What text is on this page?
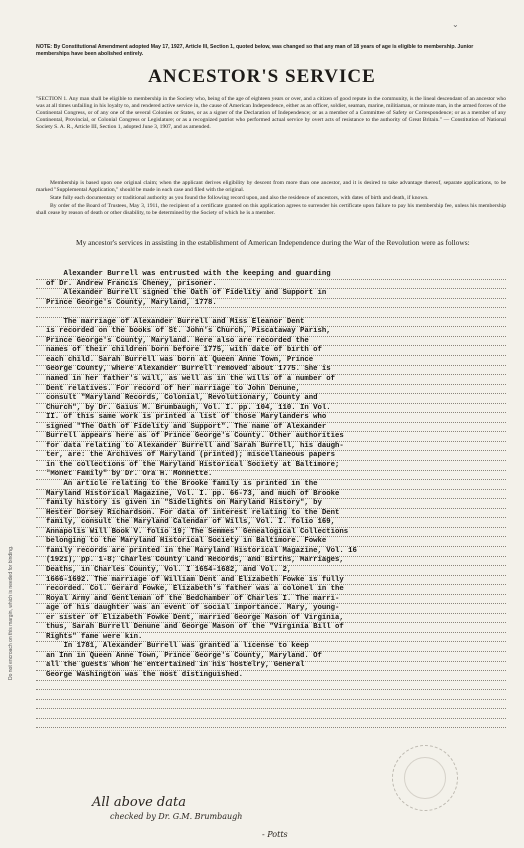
⌄
NOTE: By Constitutional Amendment adopted May 17, 1927, Article III, Section 1, quoted below, was changed so that any man of 18 years of age is eligible to membership. Junior memberships have been abolished entirely.
ANCESTOR'S SERVICE
"SECTION 1. Any man shall be eligible to membership in the Society who, being of the age of eighteen years or over, and a citizen of good repute in the community, is the lineal descendant of an ancestor who was at all times unfailing in his loyalty to, and rendered active service in, the cause of American Independence, either as an officer, soldier, seaman, marine, militiaman, or minute man, in the armed forces of the Continental Congress, or of any one of the several Colonies or States, or as a signer of the Declaration of Independence; or as a member of a Committee of Safety or Correspondence; or as a member of any Continental, Provincial, or Colonial Congress or Legislature; or as a recognized patriot who performed actual service by overt acts of resistance to the authority of Great Britain." — Constitution of National Society S. A. R., Article III, Section 1, adopted June 3, 1907, and as amended.

Membership is based upon one original claim; when the applicant derives eligibility by descent from more than one ancestor, and it is desired to take advantage thereof, separate applications, to be marked "Supplemental Application," should be made in each case and filed with the original.

State fully each documentary or traditional authority as you found the following record upon, and also the residence of ancestors, with dates of birth and death, if known.

By order of the Board of Trustees, May 3, 1911, the recipient of a certificate granted on this application agrees to surrender his certificate upon failure to pay his membership fee, unless his membership shall cease by reason of death or other disability, to be determined by the Society of which he is a member.

My ancestor's services in assisting in the establishment of American Independence during the War of the Revolution were as follows:
Alexander Burrell was entrusted with the keeping and guarding
of Dr. Andrew Francis Cheney, prisoner.
Alexander Burrell signed the Oath of Fidelity and Support in
Prince George's County, Maryland, 1778.

The marriage of Alexander Burrell and Miss Eleanor Dent
is recorded on the books of St. John's Church, Piscataway Parish,
Prince George's County, Maryland. Here also are recorded the
names of their children born before 1775, with date of birth of
each child. Sarah Burrell was born at Queen Anne Town, Prince
George County, where Alexander Burrell removed about 1775. She is
named in her father's will, as well as in the wills of a number of
Dent relatives. For record of her marriage to John Denune,
consult "Maryland Records, Colonial, Revolutionary, County and
Church", by Dr. Gaius M. Brumbaugh, Vol. I. pp. 104, 110. In Vol.
II. of this same work is printed a list of those Marylanders who
signed "The Oath of Fidelity and Support". The name of Alexander
Burrell appears here as of Prince George's County. Other authorities
for data relating to Alexander Burrell and Sarah Burrell, his daugh-
ter, are: the Archives of Maryland (printed); miscellaneous papers
in the collections of the Maryland Historical Society at Baltimore;
"Monet Family" by Dr. Ora H. Monnette.
An article relating to the Brooke family is printed in the
Maryland Historical Magazine, Vol. I. pp. 66-73, and much of Brooke
family history is given in "Sidelights on Maryland History", by
Hester Dorsey Richardson. For data of interest relating to the Dent
family, consult the Maryland Calendar of Wills, Vol. I. folio 169,
Annapolis Will Book V. folio 19; The Semmes' Genealogical Collections
belonging to the Maryland Historical Society in Baltimore. Fowke
family records are printed in the Maryland Historical Magazine, Vol. 16
(1921), pp. 1-8; Charles County Land Records, and Births, Marriages,
Deaths, in Charles County, Vol. I 1654-1682, and Vol. 2,
1666-1692. The marriage of William Dent and Elizabeth Fowke is fully
recorded. Col. Gerard Fowke, Elizabeth's father was a colonel in the
Royal Army and Gentleman of the Bedchamber of Charles I. The marri-
age of his daughter was an event of social importance. Mary, young-
er sister of Elizabeth Fowke Dent, married George Mason of Virginia,
thus, Sarah Burrell Denune and George Mason of the "Virginia Bill of
Rights" fame were kin.
In 1781, Alexander Burrell was granted a license to keep
an Inn in Queen Anne Town, Prince George's County, Maryland. Of
all the guests whom he entertained in his hostelry, General
George Washington was the most distinguished.
Do not encroach on this margin, which is needed for binding.
All above data
checked by Dr. G.M. Brumbaugh
- Potts
